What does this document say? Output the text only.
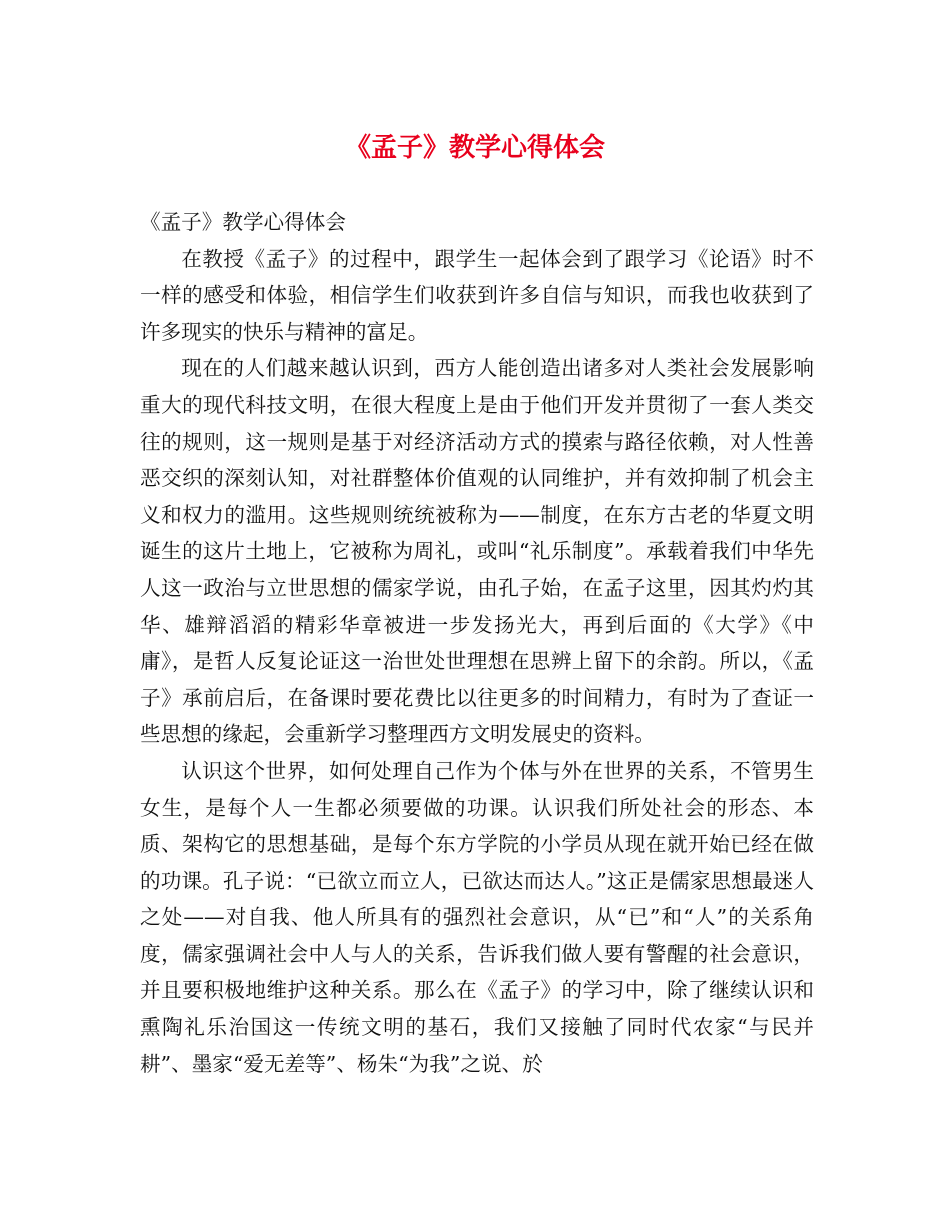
《孟子》教学心得体会

《孟子》教学心得体会

在教授《孟子》的过程中，跟学生一起体会到了跟学习《论语》时不一样的感受和体验，相信学生们收获到许多自信与知识，而我也收获到了许多现实的快乐与精神的富足。

现在的人们越来越认识到，西方人能创造出诸多对人类社会发展影响重大的现代科技文明，在很大程度上是由于他们开发并贯彻了一套人类交往的规则，这一规则是基于对经济活动方式的摸索与路径依赖，对人性善恶交织的深刻认知，对社群整体价值观的认同维护，并有效抑制了机会主义和权力的滥用。这些规则统统被称为——制度，在东方古老的华夏文明诞生的这片土地上，它被称为周礼，或叫“礼乐制度”。承载着我们中华先人这一政治与立世思想的儒家学说，由孔子始，在孟子这里，因其灼灼其华、雄辩滔滔的精彩华章被进一步发扬光大，再到后面的《大学》《中庸》，是哲人反复论证这一治世处世理想在思辨上留下的余韵。所以，《孟子》承前启后，在备课时要花费比以往更多的时间精力，有时为了查证一些思想的缘起，会重新学习整理西方文明发展史的资料。

认识这个世界，如何处理自己作为个体与外在世界的关系，不管男生女生，是每个人一生都必须要做的功课。认识我们所处社会的形态、本质、架构它的思想基础，是每个东方学院的小学员从现在就开始已经在做的功课。孔子说：“已欲立而立人，已欲达而达人。”这正是儒家思想最迷人之处——对自我、他人所具有的强烈社会意识，从“已”和“人”的关系角度，儒家强调社会中人与人的关系，告诉我们做人要有警醒的社会意识，并且要积极地维护这种关系。那么在《孟子》的学习中，除了继续认识和熏陶礼乐治国这一传统文明的基石，我们又接触了同时代农家“与民并耕”、墨家“爱无差等”、杨朱“为我”之说、於
